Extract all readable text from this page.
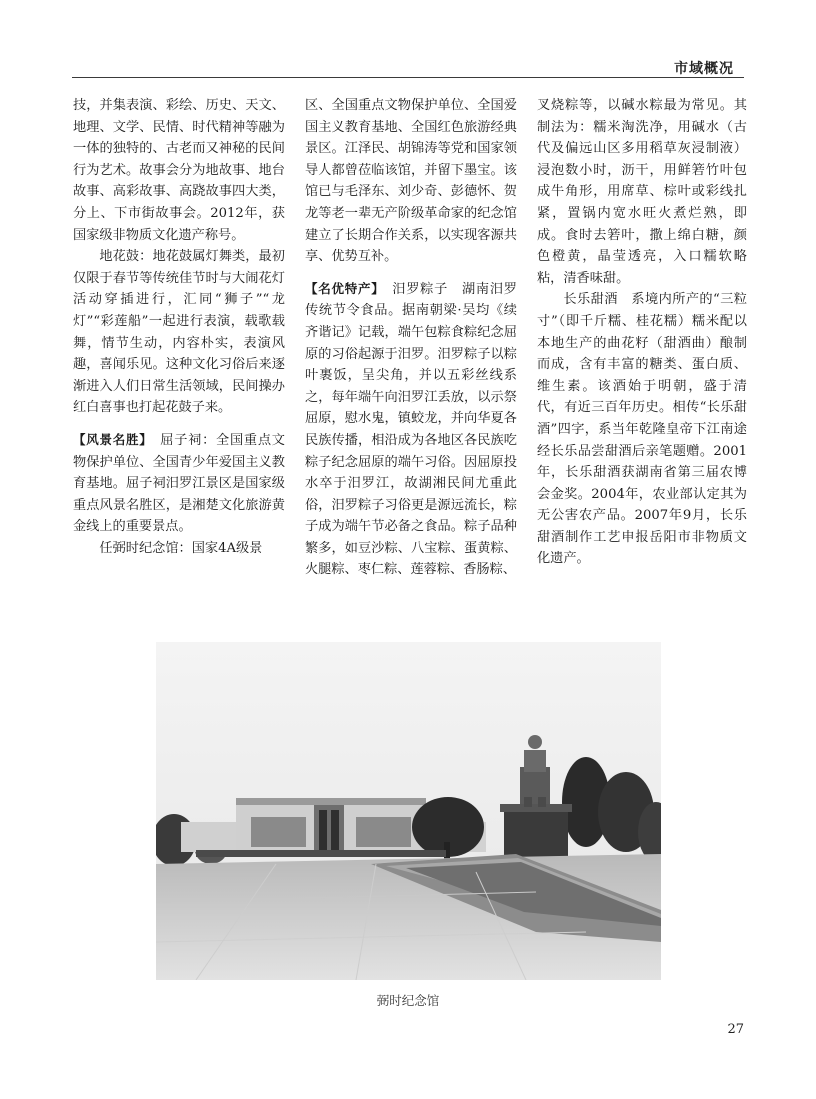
市域概况

技，并集表演、彩绘、历史、天文、地理、文学、民情、时代精神等融为一体的独特的、古老而又神秘的民间行为艺术。故事会分为地故事、地台故事、高彩故事、高跷故事四大类，分上、下市街故事会。2012年，获国家级非物质文化遗产称号。

地花鼓：地花鼓属灯舞类，最初仅限于春节等传统佳节时与大闹花灯活动穿插进行，汇同“狮子”“龙灯”“彩莲船”一起进行表演，载歌载舞，情节生动，内容朴实，表演风趣，喜闻乐见。这种文化习俗后来逐渐进入人们日常生活领域，民间操办红白喜事也打起花鼓子来。

【风景名胜】　 屈子祠：全国重点文物保护单位、全国青少年爱国主义教育基地。屈子祠汨罗江景区是国家级重点风景名胜区，是湘楚文化旅游黄金线上的重要景点。

任弼时纪念馆：国家4A级景

区、全国重点文物保护单位、全国爱国主义教育基地、全国红色旅游经典景区。江泽民、胡锦涛等党和国家领导人都曾莅临该馆，并留下墨宝。该馆已与毛泽东、刘少奇、彭德怀、贺龙等老一辈无产阶级革命家的纪念馆建立了长期合作关系，以实现客源共享、优势互补。

【名优特产】　 汨罗粽子　湖南汨罗传统节令食品。据南朝梁·吴均《续齐谐记》记载，端午包粽食粽纪念屈原的习俗起源于汨罗。汨罗粽子以粽叶裹饭，呈尖角，并以五彩丝线系之，每年端午向汨罗江丢放，以示祭屈原，慰水鬼，镇蛟龙，并向华夏各民族传播，相沿成为各地区各民族吃粽子纪念屈原的端午习俗。因屈原投水卒于汨罗江，故湖湘民间尤重此俗，汨罗粽子习俗更是源远流长，粽子成为端午节必备之食品。粽子品种繁多，如豆沙粽、八宝粽、蛋黄粽、火腿粽、枣仁粽、莲蓉粽、香肠粽、

叉烧粽等，以碱水粽最为常见。其制法为：糯米淘洗净，用碱水（古代及偏远山区多用稻草灰浸制液）浸泡数小时，沥干，用鲜箬竹叶包成牛角形，用席草、棕叶或彩线扎紧，置锅内宽水旺火煮烂熟，即成。食时去箬叶，撒上绵白糖，颜色橙黄，晶莹透亮，入口糯软略粘，清香味甜。

长乐甜酒　系境内所产的“三粒寸”（即千斤糯、桂花糯）糯米配以本地生产的曲花籽（甜酒曲）酿制而成，含有丰富的糖类、蛋白质、维生素。该酒始于明朝，盛于清代，有近三百年历史。相传“长乐甜酒”四字，系当年乾隆皇帝下江南途经长乐品尝甜酒后亲笔题赠。2001年，长乐甜酒获湖南省第三届农博会金奖。2004年，农业部认定其为无公害农产品。2007年9月，长乐甜酒制作工艺申报岳阳市非物质文化遗产。

弼时纪念馆
27
